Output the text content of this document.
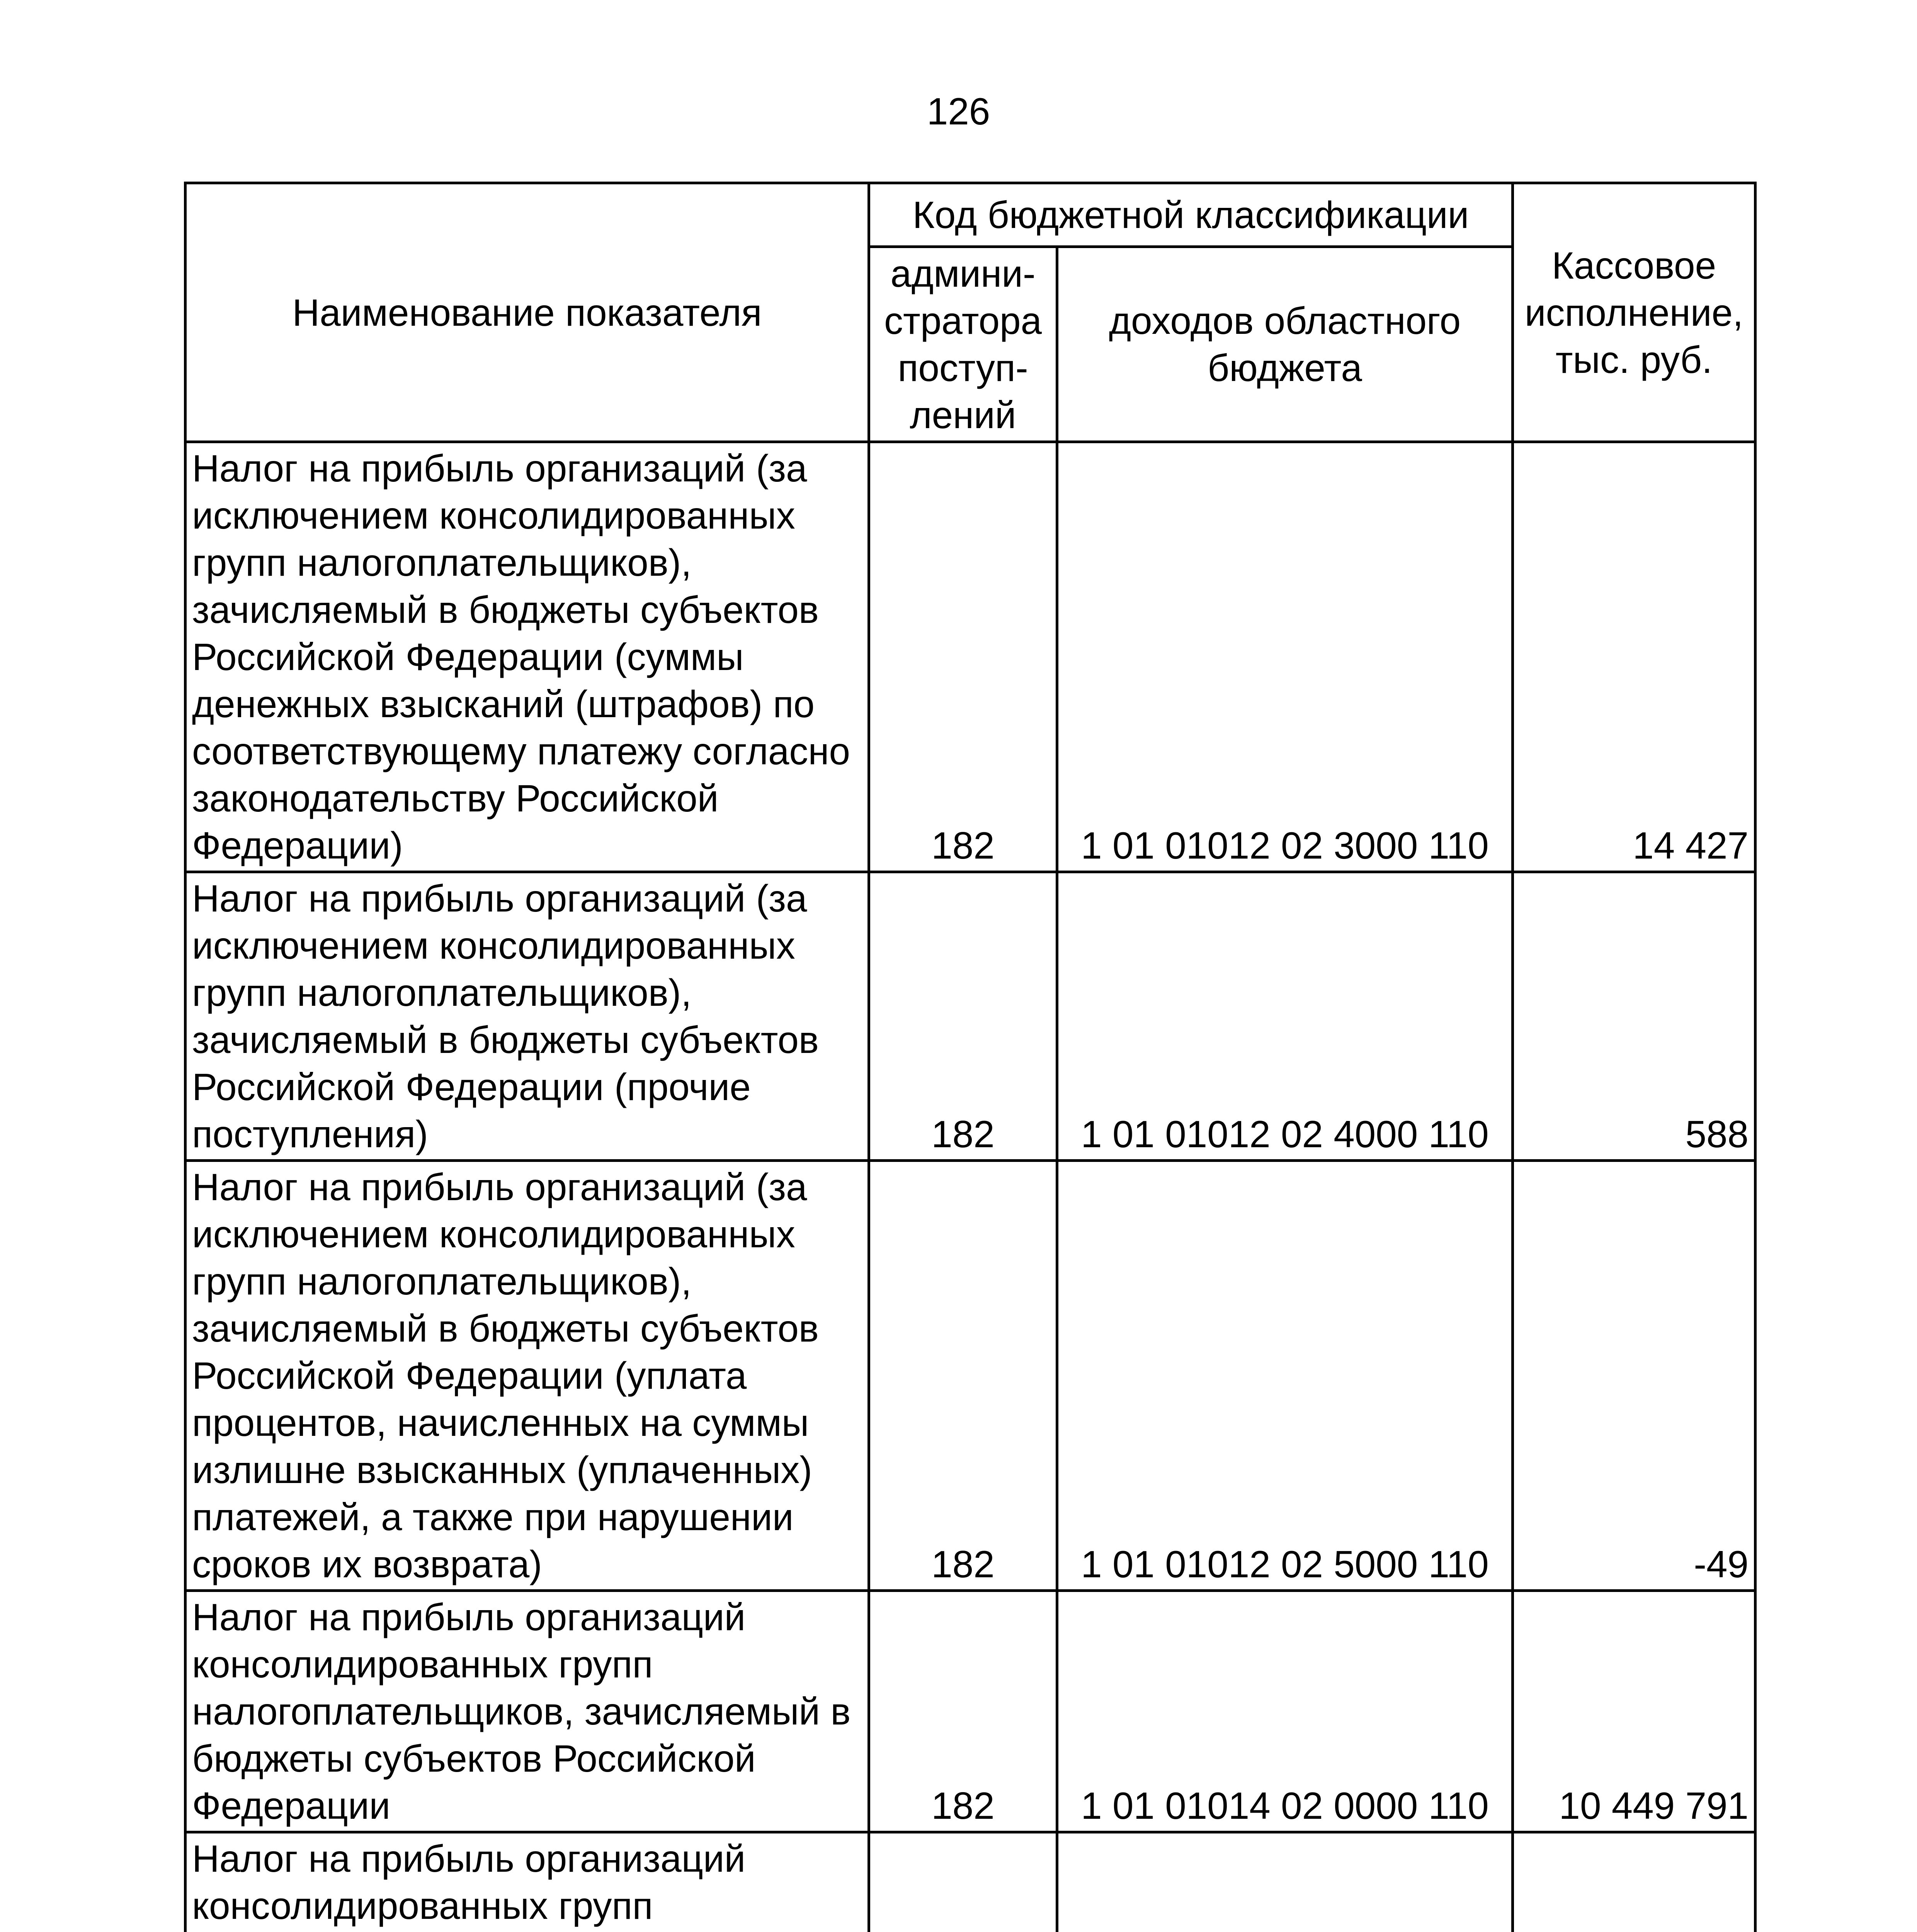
126
Наименование показателя	Код бюджетной классификации		Кассовое исполнение, тыс. руб.
	админи-стратора поступ-лений	доходов областного бюджета	
Налог на прибыль организаций (за исключением консолидированных групп налогоплательщиков), зачисляемый в бюджеты субъектов Российской Федерации (суммы денежных взысканий (штрафов) по соответствующему платежу согласно законодательству Российской Федерации)	182	1 01 01012 02 3000 110	14 427
Налог на прибыль организаций (за исключением консолидированных групп налогоплательщиков), зачисляемый в бюджеты субъектов Российской Федерации (прочие поступления)	182	1 01 01012 02 4000 110	588
Налог на прибыль организаций (за исключением консолидированных групп налогоплательщиков), зачисляемый в бюджеты субъектов Российской Федерации (уплата процентов, начисленных на суммы излишне взысканных (уплаченных) платежей, а также при нарушении сроков их возврата)	182	1 01 01012 02 5000 110	-49
Налог на прибыль организаций консолидированных групп налогоплательщиков, зачисляемый в бюджеты субъектов Российской Федерации	182	1 01 01014 02 0000 110	10 449 791
Налог на прибыль организаций консолидированных групп			
